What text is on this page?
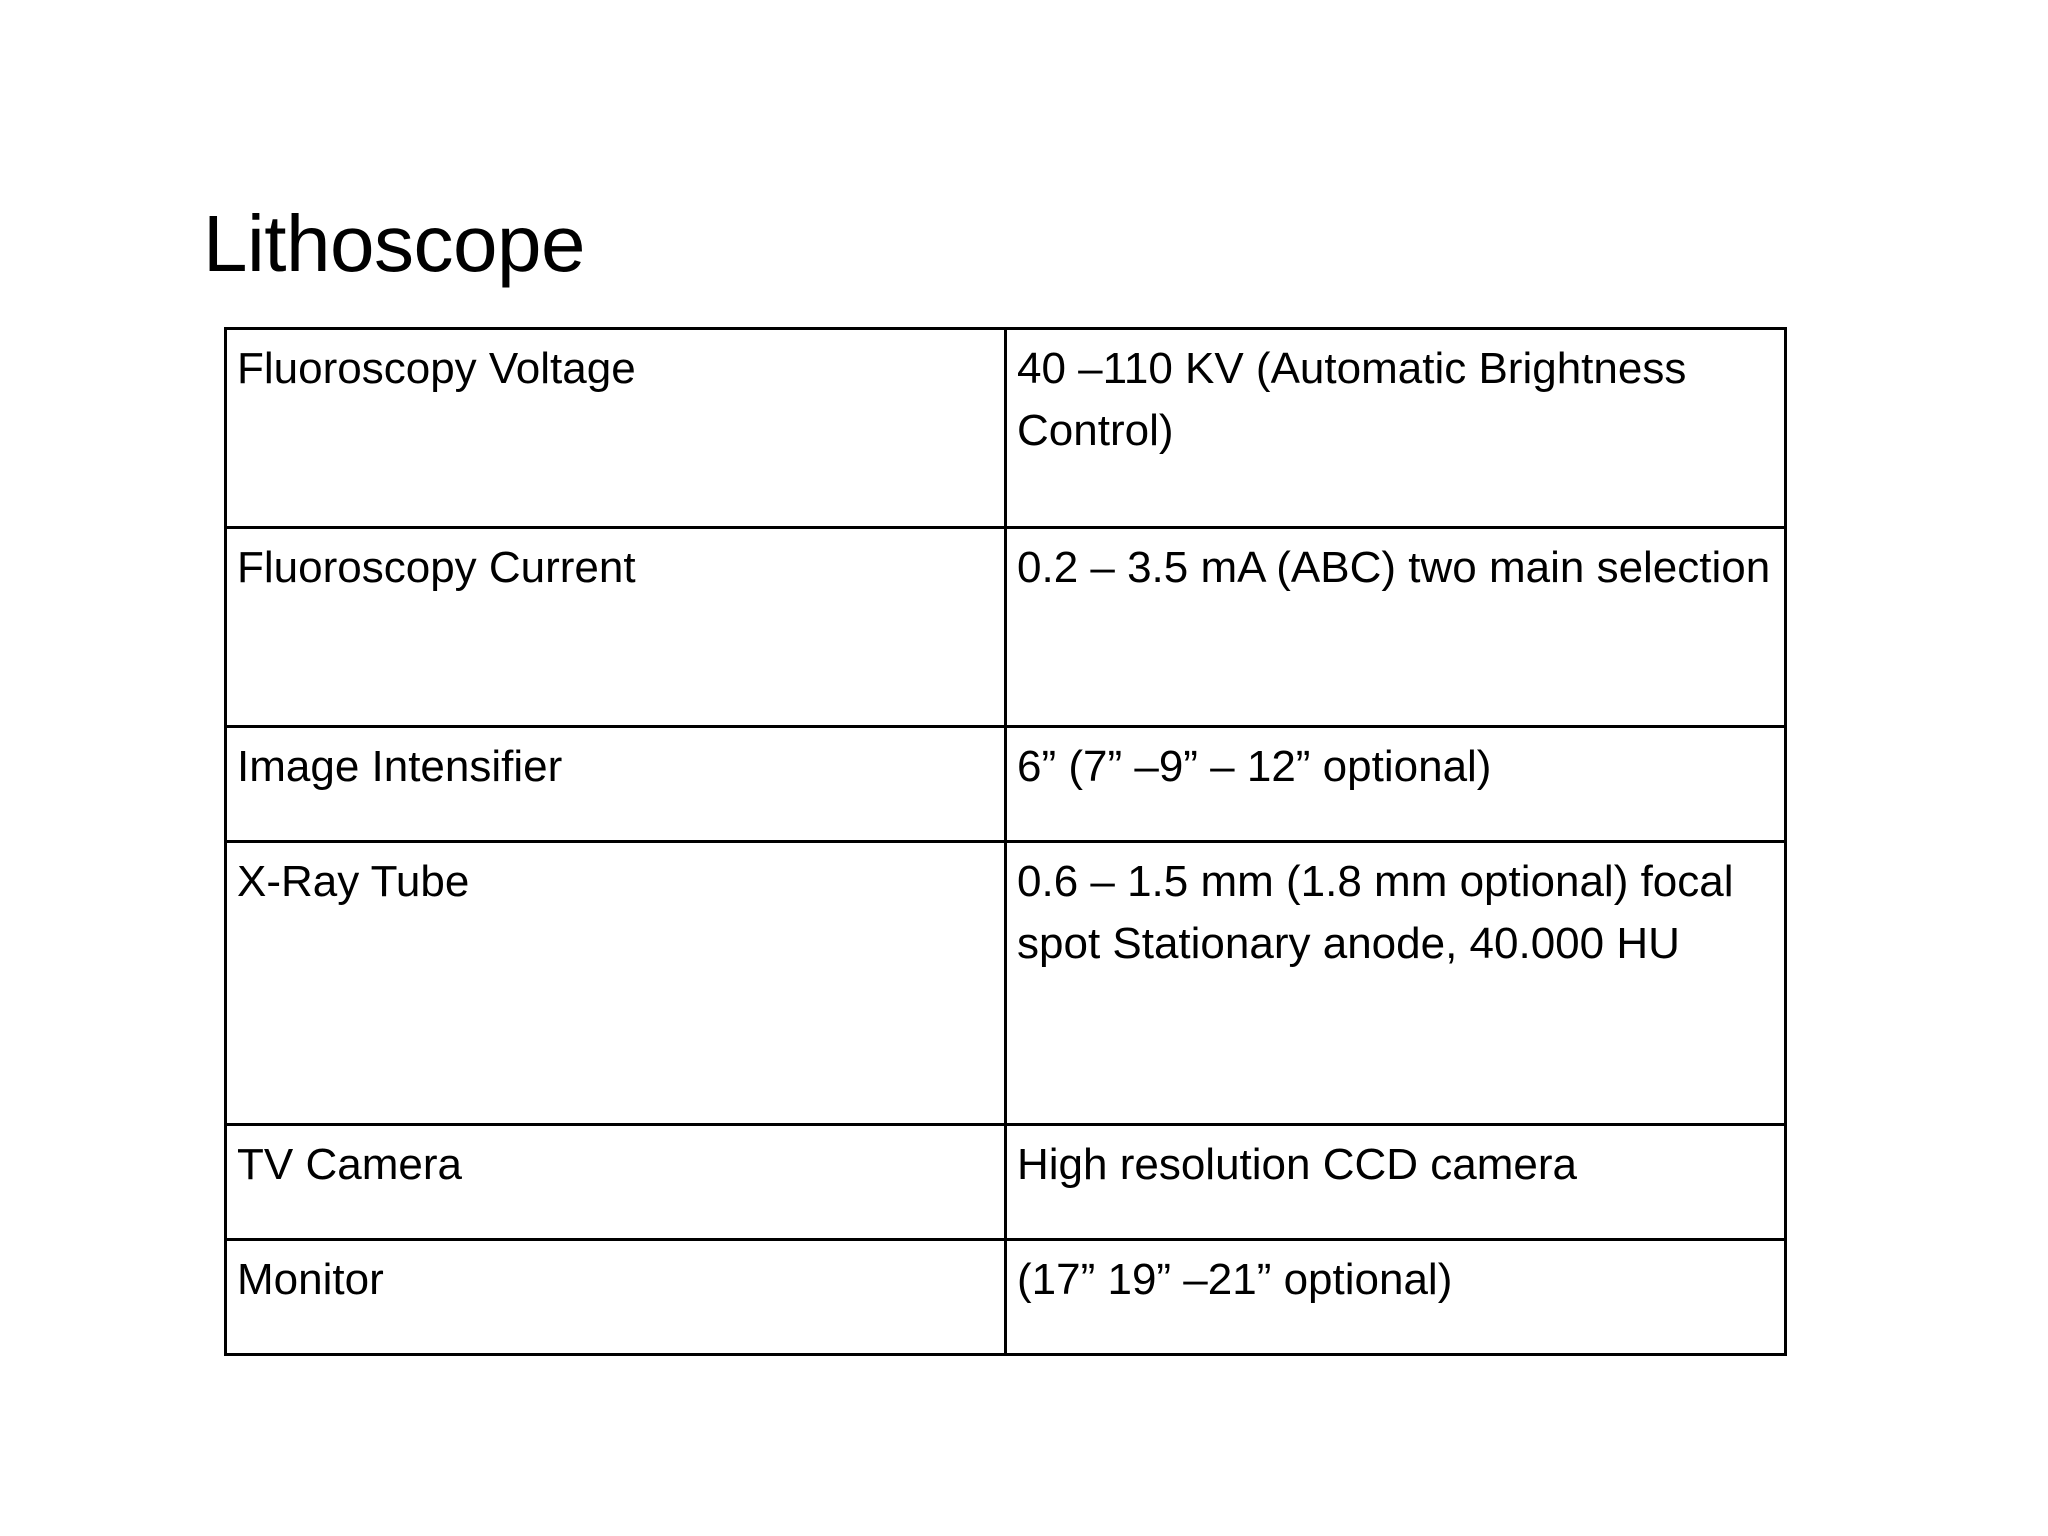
Lithoscope
Fluoroscopy Voltage	40 –110 KV (Automatic Brightness Control)
Fluoroscopy Current	0.2 – 3.5 mA (ABC) two main selection
Image Intensifier	6” (7” –9” – 12” optional)
X-Ray Tube	0.6 – 1.5 mm (1.8 mm optional) focal spot Stationary anode, 40.000 HU
TV Camera	High resolution CCD camera
Monitor	(17” 19” –21” optional)
